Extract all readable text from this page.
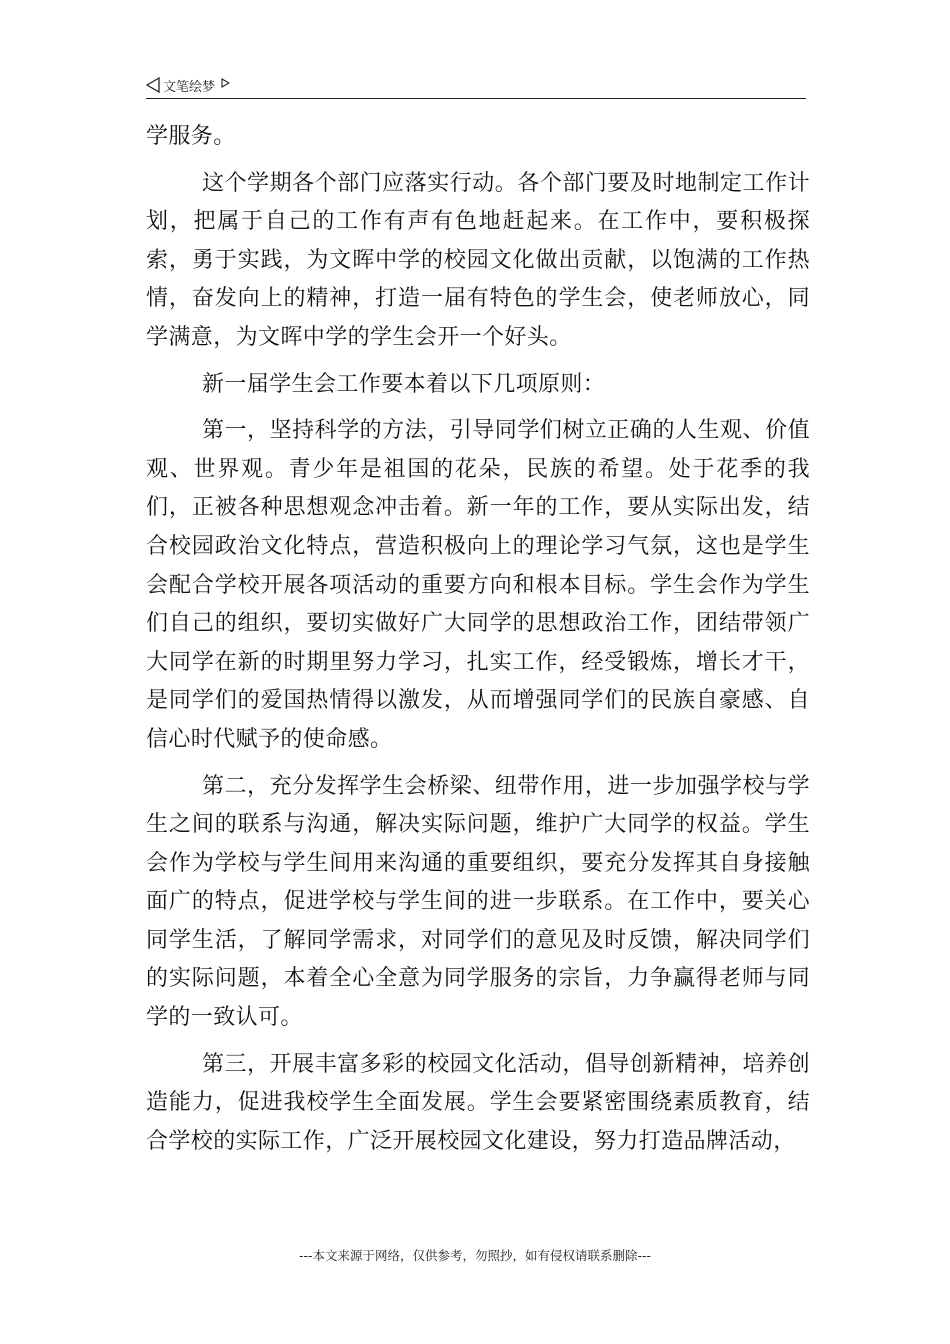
文笔绘梦

学服务。

这个学期各个部门应落实行动。各个部门要及时地制定工作计划，把属于自己的工作有声有色地赶起来。在工作中，要积极探索，勇于实践，为文晖中学的校园文化做出贡献，以饱满的工作热情，奋发向上的精神，打造一届有特色的学生会，使老师放心，同学满意，为文晖中学的学生会开一个好头。

新一届学生会工作要本着以下几项原则：

第一，坚持科学的方法，引导同学们树立正确的人生观、价值观、世界观。青少年是祖国的花朵，民族的希望。处于花季的我们，正被各种思想观念冲击着。新一年的工作，要从实际出发，结合校园政治文化特点，营造积极向上的理论学习气氛，这也是学生会配合学校开展各项活动的重要方向和根本目标。学生会作为学生们自己的组织，要切实做好广大同学的思想政治工作，团结带领广大同学在新的时期里努力学习，扎实工作，经受锻炼，增长才干，是同学们的爱国热情得以激发，从而增强同学们的民族自豪感、自信心时代赋予的使命感。

第二，充分发挥学生会桥梁、纽带作用，进一步加强学校与学生之间的联系与沟通，解决实际问题，维护广大同学的权益。学生会作为学校与学生间用来沟通的重要组织，要充分发挥其自身接触面广的特点，促进学校与学生间的进一步联系。在工作中，要关心同学生活，了解同学需求，对同学们的意见及时反馈，解决同学们的实际问题，本着全心全意为同学服务的宗旨，力争赢得老师与同学的一致认可。

第三，开展丰富多彩的校园文化活动，倡导创新精神，培养创造能力，促进我校学生全面发展。学生会要紧密围绕素质教育，结合学校的实际工作，广泛开展校园文化建设，努力打造品牌活动，

---本文来源于网络，仅供参考，勿照抄，如有侵权请联系删除---
